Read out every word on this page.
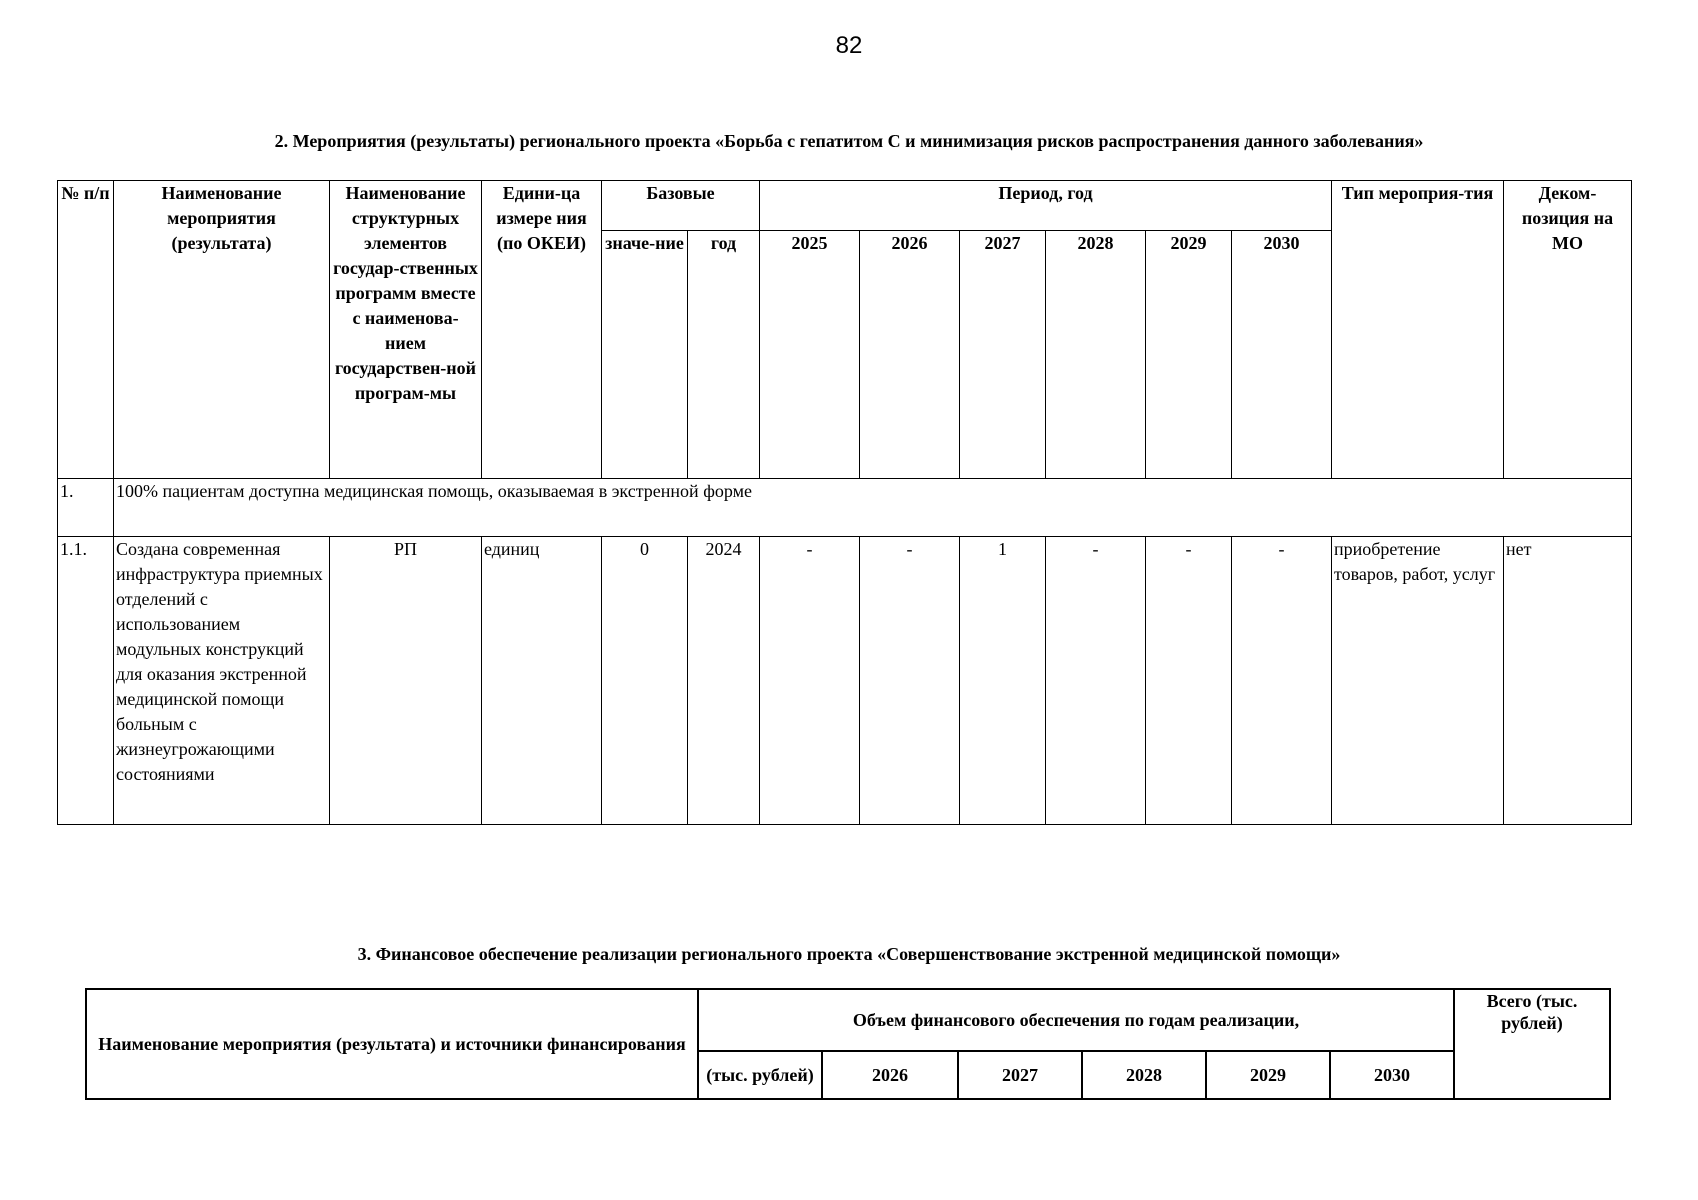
82
2. Мероприятия (результаты) регионального проекта «Борьба с гепатитом С и минимизация рисков распространения данного заболевания»
№ п/п	Наименование мероприятия (результата)	Наименование структурных элементов государ-ственных программ вместе с наименова-нием государствен-ной програм-мы	Едини-ца измере ния (по ОКЕИ)	Базовые		Период, год						Тип мероприя-тия	Деком-позиция на МО
				значе-ние	год	2025	2026	2027	2028	2029	2030		
1.	100% пациентам доступна медицинская помощь, оказываемая в экстренной форме												
1.1.	Создана современная инфраструктура приемных отделений с использованием модульных конструкций для оказания экстренной медицинской помощи больным с жизнеугрожающими состояниями	РП	единиц	0	2024	-	-	1	-	-	-	приобретение товаров, работ, услуг	нет
3. Финансовое обеспечение реализации регионального проекта «Совершенствование экстренной медицинской помощи»
Наименование мероприятия (результата) и источники финансирования	Объем финансового обеспечения по годам реализации,						Всего (тыс. рублей)
	(тыс. рублей)	2026	2027	2028	2029	2030	
